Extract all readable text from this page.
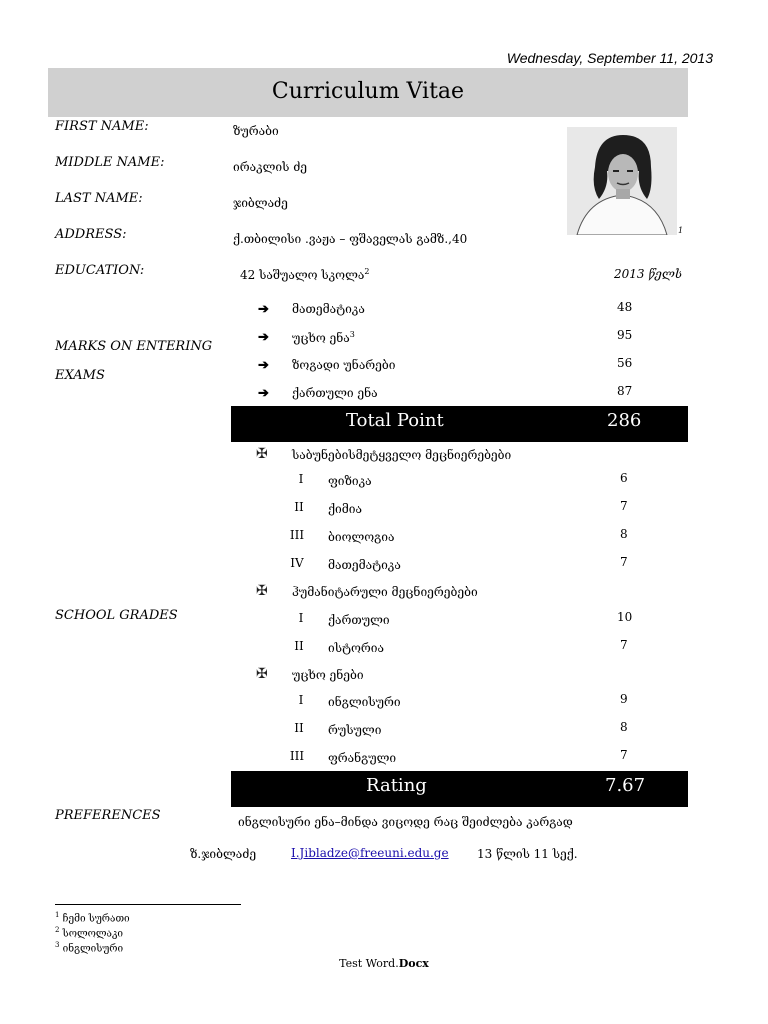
Wednesday, September 11, 2013
Curriculum Vitae
FIRST NAME:	ზურაბი
MIDDLE NAME:	ირაკლის ძე
LAST NAME:	ჯიბლაძე
ADDRESS:	ქ.თბილისი .ვაჟა – ფშაველას გამზ.,40
EDUCATION:	42 საშუალო სკოლა$^2$	2013 წელს
1
MARKS ON ENTERING
EXAMS
➔ მათემატიკა	48
➔ უცხო ენა$^3$	95
➔ ზოგადი უნარები	56
➔ ქართული ენა	87
Total Point	286
SCHOOL GRADES
✠ საბუნებისმეტყველო მეცნიერებები
I	ფიზიკა	6
II	ქიმია	7
III	ბიოლოგია	8
IV	მათემატიკა	7
✠ ჰუმანიტარული მეცნიერებები
I	ქართული	10
II	ისტორია	7
✠ უცხო ენები
I	ინგლისური	9
II	რუსული	8
III	ფრანგული	7
Rating	7.67
PREFERENCES	ინგლისური ენა–მინდა ვიცოდე რაც შეიძლება კარგად
ზ.ჯიბლაძე	I.Jibladze@freeuni.edu.ge 13 წლის 11 სექ.
$^1$ ჩემი სურათი
$^2$ სოლოლაკი
$^3$ ინგლისური
Test Word.Docx
